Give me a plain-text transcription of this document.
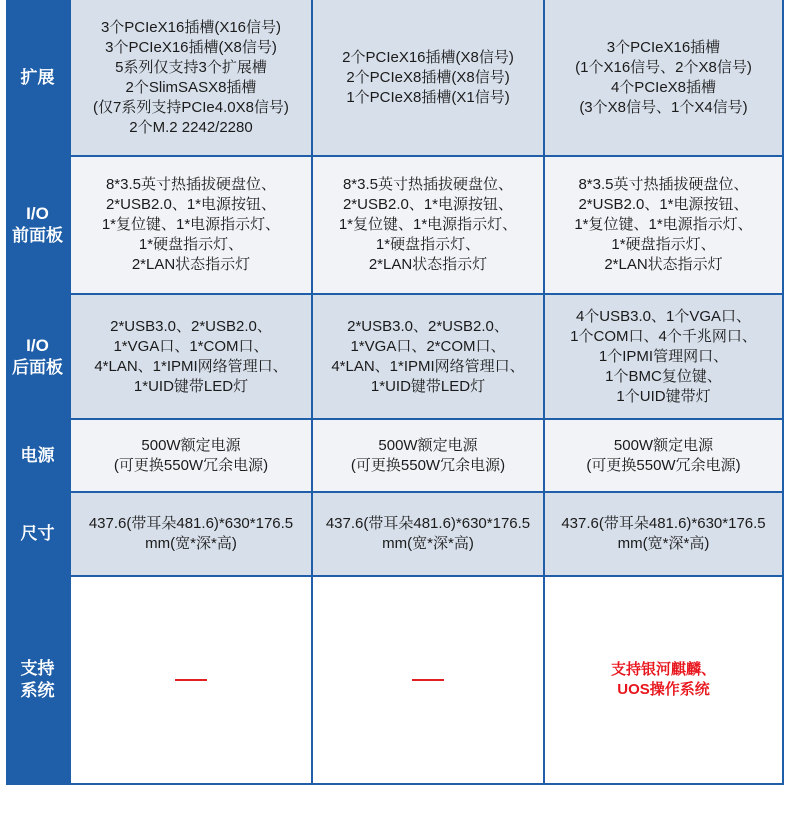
扩展
3个PCIeX16插槽(X16信号)
3个PCIeX16插槽(X8信号)
5系列仅支持3个扩展槽
2个SlimSASX8插槽
(仅7系列支持PCIe4.0X8信号)
2个M.2 2242/2280
2个PCIeX16插槽(X8信号)
2个PCIeX8插槽(X8信号)
1个PCIeX8插槽(X1信号)
3个PCIeX16插槽
(1个X16信号、2个X8信号)
4个PCIeX8插槽
(3个X8信号、1个X4信号)
I/O
前面板
8*3.5英寸热插拔硬盘位、
2*USB2.0、1*电源按钮、
1*复位键、1*电源指示灯、
1*硬盘指示灯、
2*LAN状态指示灯
8*3.5英寸热插拔硬盘位、
2*USB2.0、1*电源按钮、
1*复位键、1*电源指示灯、
1*硬盘指示灯、
2*LAN状态指示灯
8*3.5英寸热插拔硬盘位、
2*USB2.0、1*电源按钮、
1*复位键、1*电源指示灯、
1*硬盘指示灯、
2*LAN状态指示灯
I/O
后面板
2*USB3.0、2*USB2.0、
1*VGA口、1*COM口、
4*LAN、1*IPMI网络管理口、
1*UID键带LED灯
2*USB3.0、2*USB2.0、
1*VGA口、2*COM口、
4*LAN、1*IPMI网络管理口、
1*UID键带LED灯
4个USB3.0、1个VGA口、
1个COM口、4个千兆网口、
1个IPMI管理网口、
1个BMC复位键、
1个UID键带灯
电源
500W额定电源
(可更换550W冗余电源)
500W额定电源
(可更换550W冗余电源)
500W额定电源
(可更换550W冗余电源)
尺寸
437.6(带耳朵481.6)*630*176.5
mm(宽*深*高)
437.6(带耳朵481.6)*630*176.5
mm(宽*深*高)
437.6(带耳朵481.6)*630*176.5
mm(宽*深*高)
支持
系统
支持银河麒麟、
UOS操作系统
